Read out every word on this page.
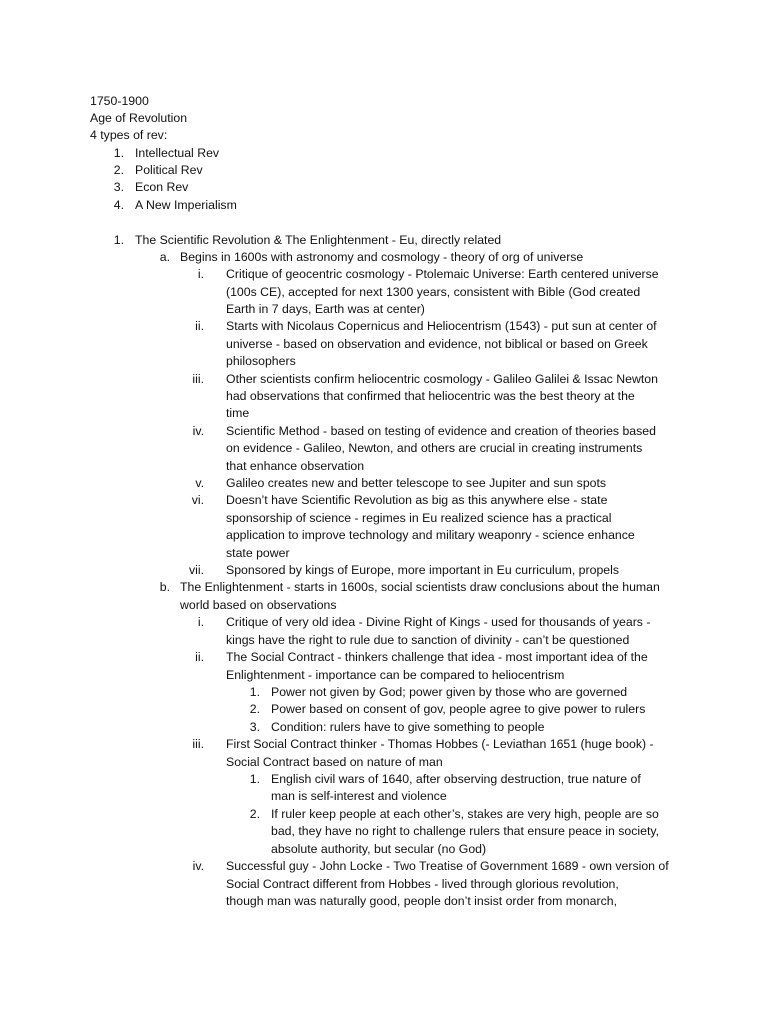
1750-1900
Age of Revolution
4 types of rev:
1. Intellectual Rev
2. Political Rev
3. Econ Rev
4. A New Imperialism
1. The Scientific Revolution & The Enlightenment - Eu, directly related
a. Begins in 1600s with astronomy and cosmology - theory of org of universe
i. Critique of geocentric cosmology - Ptolemaic Universe: Earth centered universe
(100s CE), accepted for next 1300 years, consistent with Bible (God created
Earth in 7 days, Earth was at center)
ii. Starts with Nicolaus Copernicus and Heliocentrism (1543) - put sun at center of
universe - based on observation and evidence, not biblical or based on Greek
philosophers
iii. Other scientists confirm heliocentric cosmology - Galileo Galilei & Issac Newton
had observations that confirmed that heliocentric was the best theory at the
time
iv. Scientific Method - based on testing of evidence and creation of theories based
on evidence - Galileo, Newton, and others are crucial in creating instruments
that enhance observation
v. Galileo creates new and better telescope to see Jupiter and sun spots
vi. Doesn’t have Scientific Revolution as big as this anywhere else - state
sponsorship of science - regimes in Eu realized science has a practical
application to improve technology and military weaponry - science enhance
state power
vii. Sponsored by kings of Europe, more important in Eu curriculum, propels
b. The Enlightenment - starts in 1600s, social scientists draw conclusions about the human
world based on observations
i. Critique of very old idea - Divine Right of Kings - used for thousands of years -
kings have the right to rule due to sanction of divinity - can’t be questioned
ii. The Social Contract - thinkers challenge that idea - most important idea of the
Enlightenment - importance can be compared to heliocentrism
1. Power not given by God; power given by those who are governed
2. Power based on consent of gov, people agree to give power to rulers
3. Condition: rulers have to give something to people
iii. First Social Contract thinker - Thomas Hobbes (- Leviathan 1651 (huge book) -
Social Contract based on nature of man
1. English civil wars of 1640, after observing destruction, true nature of
man is self-interest and violence
2. If ruler keep people at each other’s, stakes are very high, people are so
bad, they have no right to challenge rulers that ensure peace in society,
absolute authority, but secular (no God)
iv. Successful guy - John Locke - Two Treatise of Government 1689 - own version of
Social Contract different from Hobbes - lived through glorious revolution,
though man was naturally good, people don’t insist order from monarch,
